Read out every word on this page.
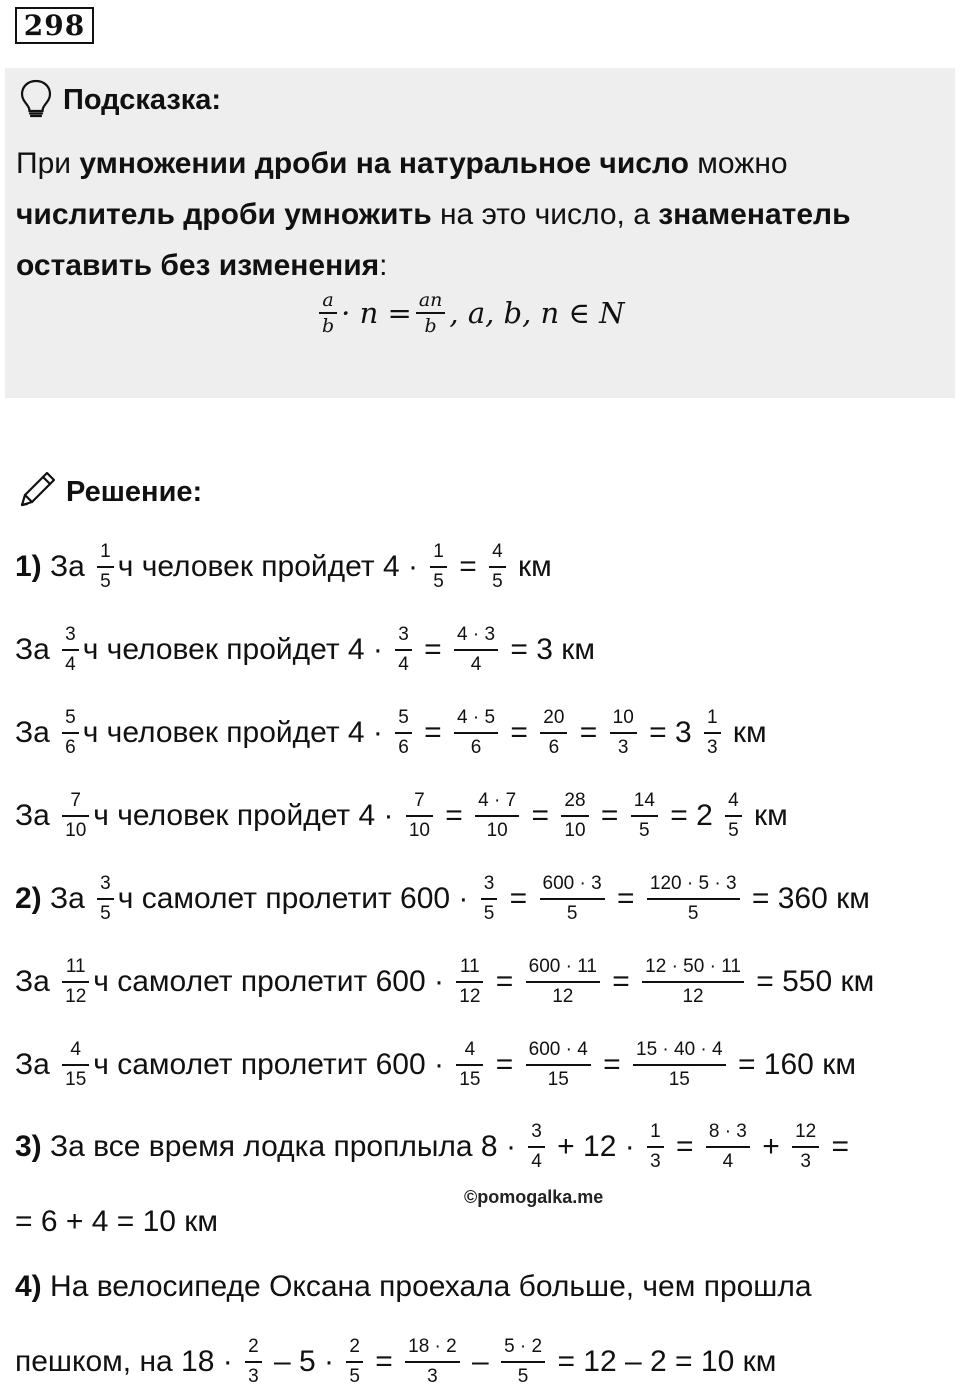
298
Подсказка:
При умножении дроби на натуральное число можно числитель дроби умножить на это число, а знаменатель оставить без изменения:
$\frac{a}{b} \cdot n = \frac{an}{b}$ , a, b, n ∈ N
Решение:
1) За $\frac{1}{5}$ ч человек пройдет $4 \cdot \frac{1}{5} = \frac{4}{5}$ км
За $\frac{3}{4}$ ч человек пройдет $4 \cdot \frac{3}{4} = \frac{4 \cdot 3}{4} = 3$ км
За $\frac{5}{6}$ ч человек пройдет $4 \cdot \frac{5}{6} = \frac{4 \cdot 5}{6} = \frac{20}{6} = \frac{10}{3} = 3 \frac{1}{3}$ км
За $\frac{7}{10}$ ч человек пройдет $4 \cdot \frac{7}{10} = \frac{4 \cdot 7}{10} = \frac{28}{10} = \frac{14}{5} = 2 \frac{4}{5}$ км
2) За $\frac{3}{5}$ ч самолет пролетит $600 \cdot \frac{3}{5} = \frac{600 \cdot 3}{5} = \frac{120 \cdot 5 \cdot 3}{5} = 360$ км
За $\frac{11}{12}$ ч самолет пролетит $600 \cdot \frac{11}{12} = \frac{600 \cdot 11}{12} = \frac{12 \cdot 50 \cdot 11}{12} = 550$ км
За $\frac{4}{15}$ ч самолет пролетит $600 \cdot \frac{4}{15} = \frac{600 \cdot 4}{15} = \frac{15 \cdot 40 \cdot 4}{15} = 160$ км
3) За все время лодка проплыла $8 \cdot \frac{3}{4} + 12 \cdot \frac{1}{3} = \frac{8 \cdot 3}{4} + \frac{12}{3}$ =
= 6 + 4 = 10 км
4) На велосипеде Оксана проехала больше, чем прошла
пешком, на $18 \cdot \frac{2}{3} - 5 \cdot \frac{2}{5} = \frac{18 \cdot 2}{3} - \frac{5 \cdot 2}{5} = 12 - 2 = 10$ км
©pomogalka.me
